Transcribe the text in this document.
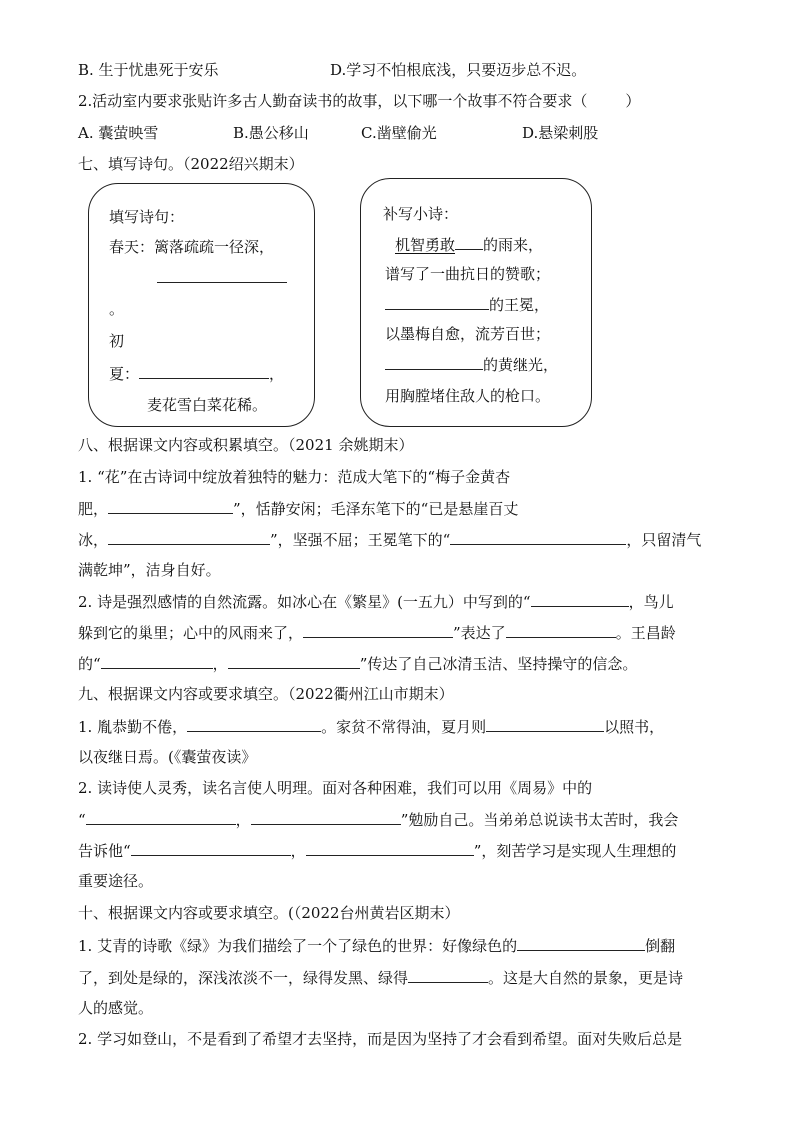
B. 生于忧患死于安乐	D.学习不怕根底浅，只要迈步总不迟。
2.活动室内要求张贴许多古人勤奋读书的故事，以下哪一个故事不符合要求（	）
A. 囊萤映雪	B.愚公移山	C.凿壁偷光	D.悬梁刺股
七、填写诗句。（2022绍兴期末）
填写诗句：
春天：篱落疏疏一径深，
。
初
夏：	，
麦花雪白菜花稀。
补写小诗：
机智勇敢 的雨来，
谱写了一曲抗日的赞歌；
的王冕，
以墨梅自愈，流芳百世；
的黄继光，
用胸膛堵住敌人的枪口。
八、根据课文内容或积累填空。（2021 余姚期末）
1. “花”在古诗词中绽放着独特的魅力：范成大笔下的“梅子金黄杏
肥，	”，恬静安闲；毛泽东笔下的“已是悬崖百丈
冰，	”，坚强不屈；王冕笔下的“	，只留清气
满乾坤”，洁身自好。
2. 诗是强烈感情的自然流露。如冰心在《繁星》(一五九）中写到的“	，鸟儿
躲到它的巢里；心中的风雨来了，	”表达了	。王昌龄
的“	，	”传达了自己冰清玉洁、坚持操守的信念。
九、根据课文内容或要求填空。（2022衢州江山市期末）
1. 胤恭勤不倦，	。家贫不常得油，夏月则	以照书，
以夜继日焉。(《囊萤夜读》
2. 读诗使人灵秀，读名言使人明理。面对各种困难，我们可以用《周易》中的
“	，	”勉励自己。当弟弟总说读书太苦时，我会
告诉他“	，	”，刻苦学习是实现人生理想的
重要途径。
十、根据课文内容或要求填空。(（2022台州黄岩区期末）
1. 艾青的诗歌《绿》为我们描绘了一个了绿色的世界：好像绿色的	倒翻
了，到处是绿的，深浅浓淡不一，绿得发黑、绿得	。这是大自然的景象，更是诗
人的感觉。
2. 学习如登山，不是看到了希望才去坚持，而是因为坚持了才会看到希望。面对失败后总是
